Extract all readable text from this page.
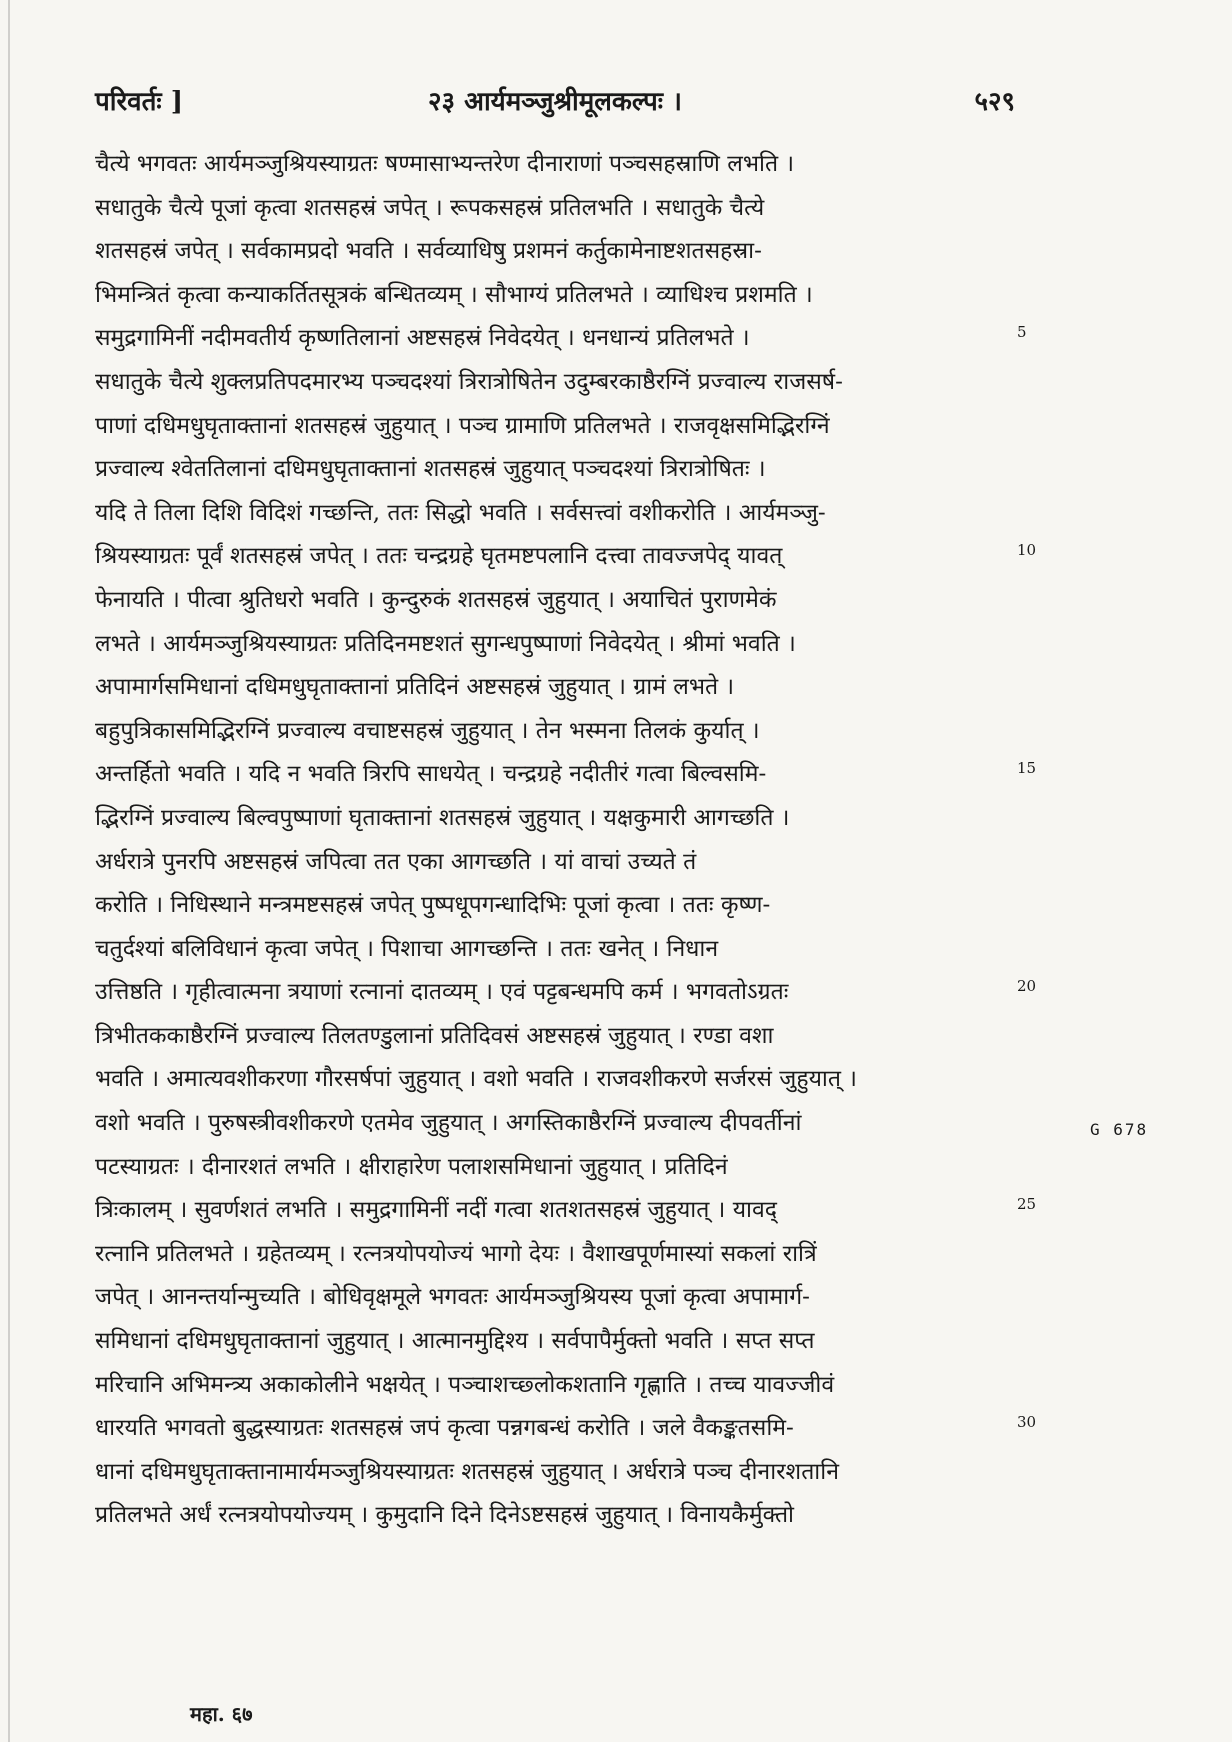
परिवर्तः ]	२३ आर्यमञ्जुश्रीमूलकल्पः ।	५२९
चैत्ये भगवतः आर्यमञ्जुश्रियस्याग्रतः षण्मासाभ्यन्तरेण दीनाराणां पञ्चसहस्राणि लभति ।
सधातुके चैत्ये पूजां कृत्वा शतसहस्रं जपेत् । रूपकसहस्रं प्रतिलभति । सधातुके चैत्ये
शतसहस्रं जपेत् । सर्वकामप्रदो भवति । सर्वव्याधिषु प्रशमनं कर्तुकामेनाष्टशतसहस्रा-
भिमन्त्रितं कृत्वा कन्याकर्तितसूत्रकं बन्धितव्यम् । सौभाग्यं प्रतिलभते । व्याधिश्च प्रशमति ।
समुद्रगामिनीं नदीमवतीर्य कृष्णतिलानां अष्टसहस्रं निवेदयेत् । धनधान्यं प्रतिलभते ।	5
सधातुके चैत्ये शुक्लप्रतिपदमारभ्य पञ्चदश्यां त्रिरात्रोषितेन उदुम्बरकाष्ठैरग्निं प्रज्वाल्य राजसर्ष-
पाणां दधिमधुघृताक्तानां शतसहस्रं जुहुयात् । पञ्च ग्रामाणि प्रतिलभते । राजवृक्षसमिद्भिरग्निं
प्रज्वाल्य श्वेततिलानां दधिमधुघृताक्तानां शतसहस्रं जुहुयात् पञ्चदश्यां त्रिरात्रोषितः ।
यदि ते तिला दिशि विदिशं गच्छन्ति, ततः सिद्धो भवति । सर्वसत्त्वां वशीकरोति । आर्यमञ्जु-
श्रियस्याग्रतः पूर्वं शतसहस्रं जपेत् । ततः चन्द्रग्रहे घृतमष्टपलानि दत्त्वा तावज्जपेद् यावत्	10
फेनायति । पीत्वा श्रुतिधरो भवति । कुन्दुरुकं शतसहस्रं जुहुयात् । अयाचितं पुराणमेकं
लभते । आर्यमञ्जुश्रियस्याग्रतः प्रतिदिनमष्टशतं सुगन्धपुष्पाणां निवेदयेत् । श्रीमां भवति ।
अपामार्गसमिधानां दधिमधुघृताक्तानां प्रतिदिनं अष्टसहस्रं जुहुयात् । ग्रामं लभते ।
बहुपुत्रिकासमिद्भिरग्निं प्रज्वाल्य वचाष्टसहस्रं जुहुयात् । तेन भस्मना तिलकं कुर्यात् ।
अन्तर्हितो भवति । यदि न भवति त्रिरपि साधयेत् । चन्द्रग्रहे नदीतीरं गत्वा बिल्वसमि-	15
द्भिरग्निं प्रज्वाल्य बिल्वपुष्पाणां घृताक्तानां शतसहस्रं जुहुयात् । यक्षकुमारी आगच्छति ।
अर्धरात्रे पुनरपि अष्टसहस्रं जपित्वा तत एका आगच्छति । यां वाचां उच्यते तं
करोति । निधिस्थाने मन्त्रमष्टसहस्रं जपेत् पुष्पधूपगन्धादिभिः पूजां कृत्वा । ततः कृष्ण-
चतुर्दश्यां बलिविधानं कृत्वा जपेत् । पिशाचा आगच्छन्ति । ततः खनेत् । निधान
उत्तिष्ठति । गृहीत्वात्मना त्रयाणां रत्नानां दातव्यम् । एवं पट्टबन्धमपि कर्म । भगवतोऽग्रतः	20
त्रिभीतककाष्ठैरग्निं प्रज्वाल्य तिलतण्डुलानां प्रतिदिवसं अष्टसहस्रं जुहुयात् । रण्डा वशा
भवति । अमात्यवशीकरणा गौरसर्षपां जुहुयात् । वशो भवति । राजवशीकरणे सर्जरसं जुहुयात् ।
वशो भवति । पुरुषस्त्रीवशीकरणे एतमेव जुहुयात् । अगस्तिकाष्ठैरग्निं प्रज्वाल्य दीपवर्तीनां
पटस्याग्रतः । दीनारशतं लभति । क्षीराहारेण पलाशसमिधानां जुहुयात् । प्रतिदिनं
त्रिःकालम् । सुवर्णशतं लभति । समुद्रगामिनीं नदीं गत्वा शतशतसहस्रं जुहुयात् । यावद्	25
रत्नानि प्रतिलभते । ग्रहेतव्यम् । रत्नत्रयोपयोज्यं भागो देयः । वैशाखपूर्णमास्यां सकलां रात्रिं
जपेत् । आनन्तर्यान्मुच्यति । बोधिवृक्षमूले भगवतः आर्यमञ्जुश्रियस्य पूजां कृत्वा अपामार्ग-
समिधानां दधिमधुघृताक्तानां जुहुयात् । आत्मानमुद्दिश्य । सर्वपापैर्मुक्तो भवति । सप्त सप्त
मरिचानि अभिमन्त्र्य अकाकोलीने भक्षयेत् । पञ्चाशच्छ्लोकशतानि गृह्णाति । तच्च यावज्जीवं
धारयति भगवतो बुद्धस्याग्रतः शतसहस्रं जपं कृत्वा पन्नगबन्धं करोति । जले वैकङ्कतसमि-	30
धानां दधिमधुघृताक्तानामार्यमञ्जुश्रियस्याग्रतः शतसहस्रं जुहुयात् । अर्धरात्रे पञ्च दीनारशतानि
प्रतिलभते अर्धं रत्नत्रयोपयोज्यम् । कुमुदानि दिने दिनेऽष्टसहस्रं जुहुयात् । विनायकैर्मुक्तो
G 678
महा. ६७
